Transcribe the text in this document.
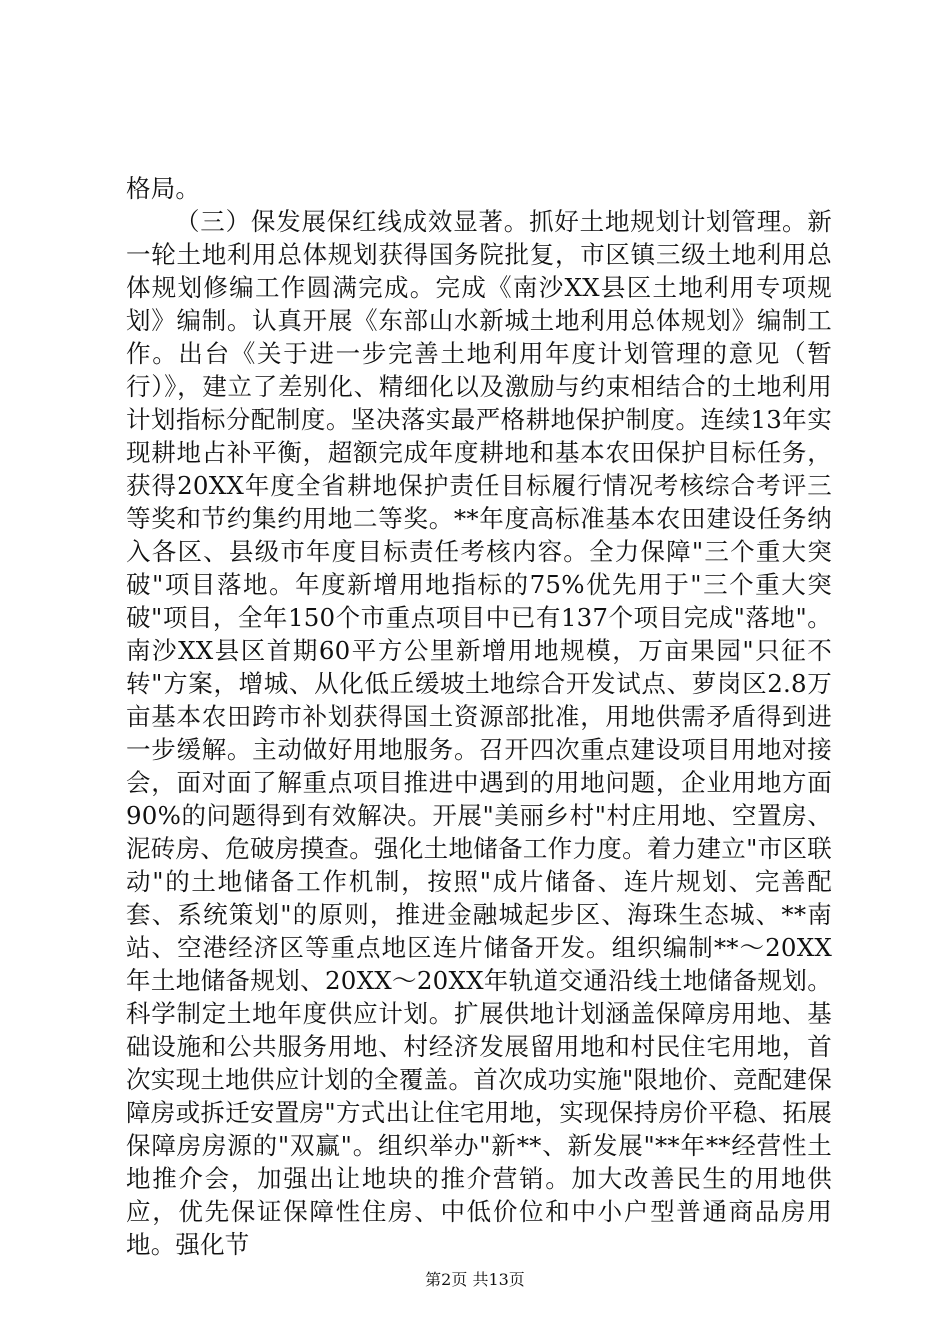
格局。

（三）保发展保红线成效显著。抓好土地规划计划管理。新一轮土地利用总体规划获得国务院批复，市区镇三级土地利用总体规划修编工作圆满完成。完成《南沙XX县区土地利用专项规划》编制。认真开展《东部山水新城土地利用总体规划》编制工作。出台《关于进一步完善土地利用年度计划管理的意见（暂行）》，建立了差别化、精细化以及激励与约束相结合的土地利用计划指标分配制度。坚决落实最严格耕地保护制度。连续13年实现耕地占补平衡，超额完成年度耕地和基本农田保护目标任务，获得20XX年度全省耕地保护责任目标履行情况考核综合考评三等奖和节约集约用地二等奖。**年度高标准基本农田建设任务纳入各区、县级市年度目标责任考核内容。全力保障"三个重大突破"项目落地。年度新增用地指标的75%优先用于"三个重大突破"项目，全年150个市重点项目中已有137个项目完成"落地"。南沙XX县区首期60平方公里新增用地规模，万亩果园"只征不转"方案，增城、从化低丘缓坡土地综合开发试点、萝岗区2.8万亩基本农田跨市补划获得国土资源部批准，用地供需矛盾得到进一步缓解。主动做好用地服务。召开四次重点建设项目用地对接会，面对面了解重点项目推进中遇到的用地问题，企业用地方面90%的问题得到有效解决。开展"美丽乡村"村庄用地、空置房、泥砖房、危破房摸查。强化土地储备工作力度。着力建立"市区联动"的土地储备工作机制，按照"成片储备、连片规划、完善配套、系统策划"的原则，推进金融城起步区、海珠生态城、**南站、空港经济区等重点地区连片储备开发。组织编制**～20XX年土地储备规划、20XX～20XX年轨道交通沿线土地储备规划。科学制定土地年度供应计划。扩展供地计划涵盖保障房用地、基础设施和公共服务用地、村经济发展留用地和村民住宅用地，首次实现土地供应计划的全覆盖。首次成功实施"限地价、竞配建保障房或拆迁安置房"方式出让住宅用地，实现保持房价平稳、拓展保障房房源的"双赢"。组织举办"新**、新发展"**年**经营性土地推介会，加强出让地块的推介营销。加大改善民生的用地供应，优先保证保障性住房、中低价位和中小户型普通商品房用地。强化节

第2页 共13页
